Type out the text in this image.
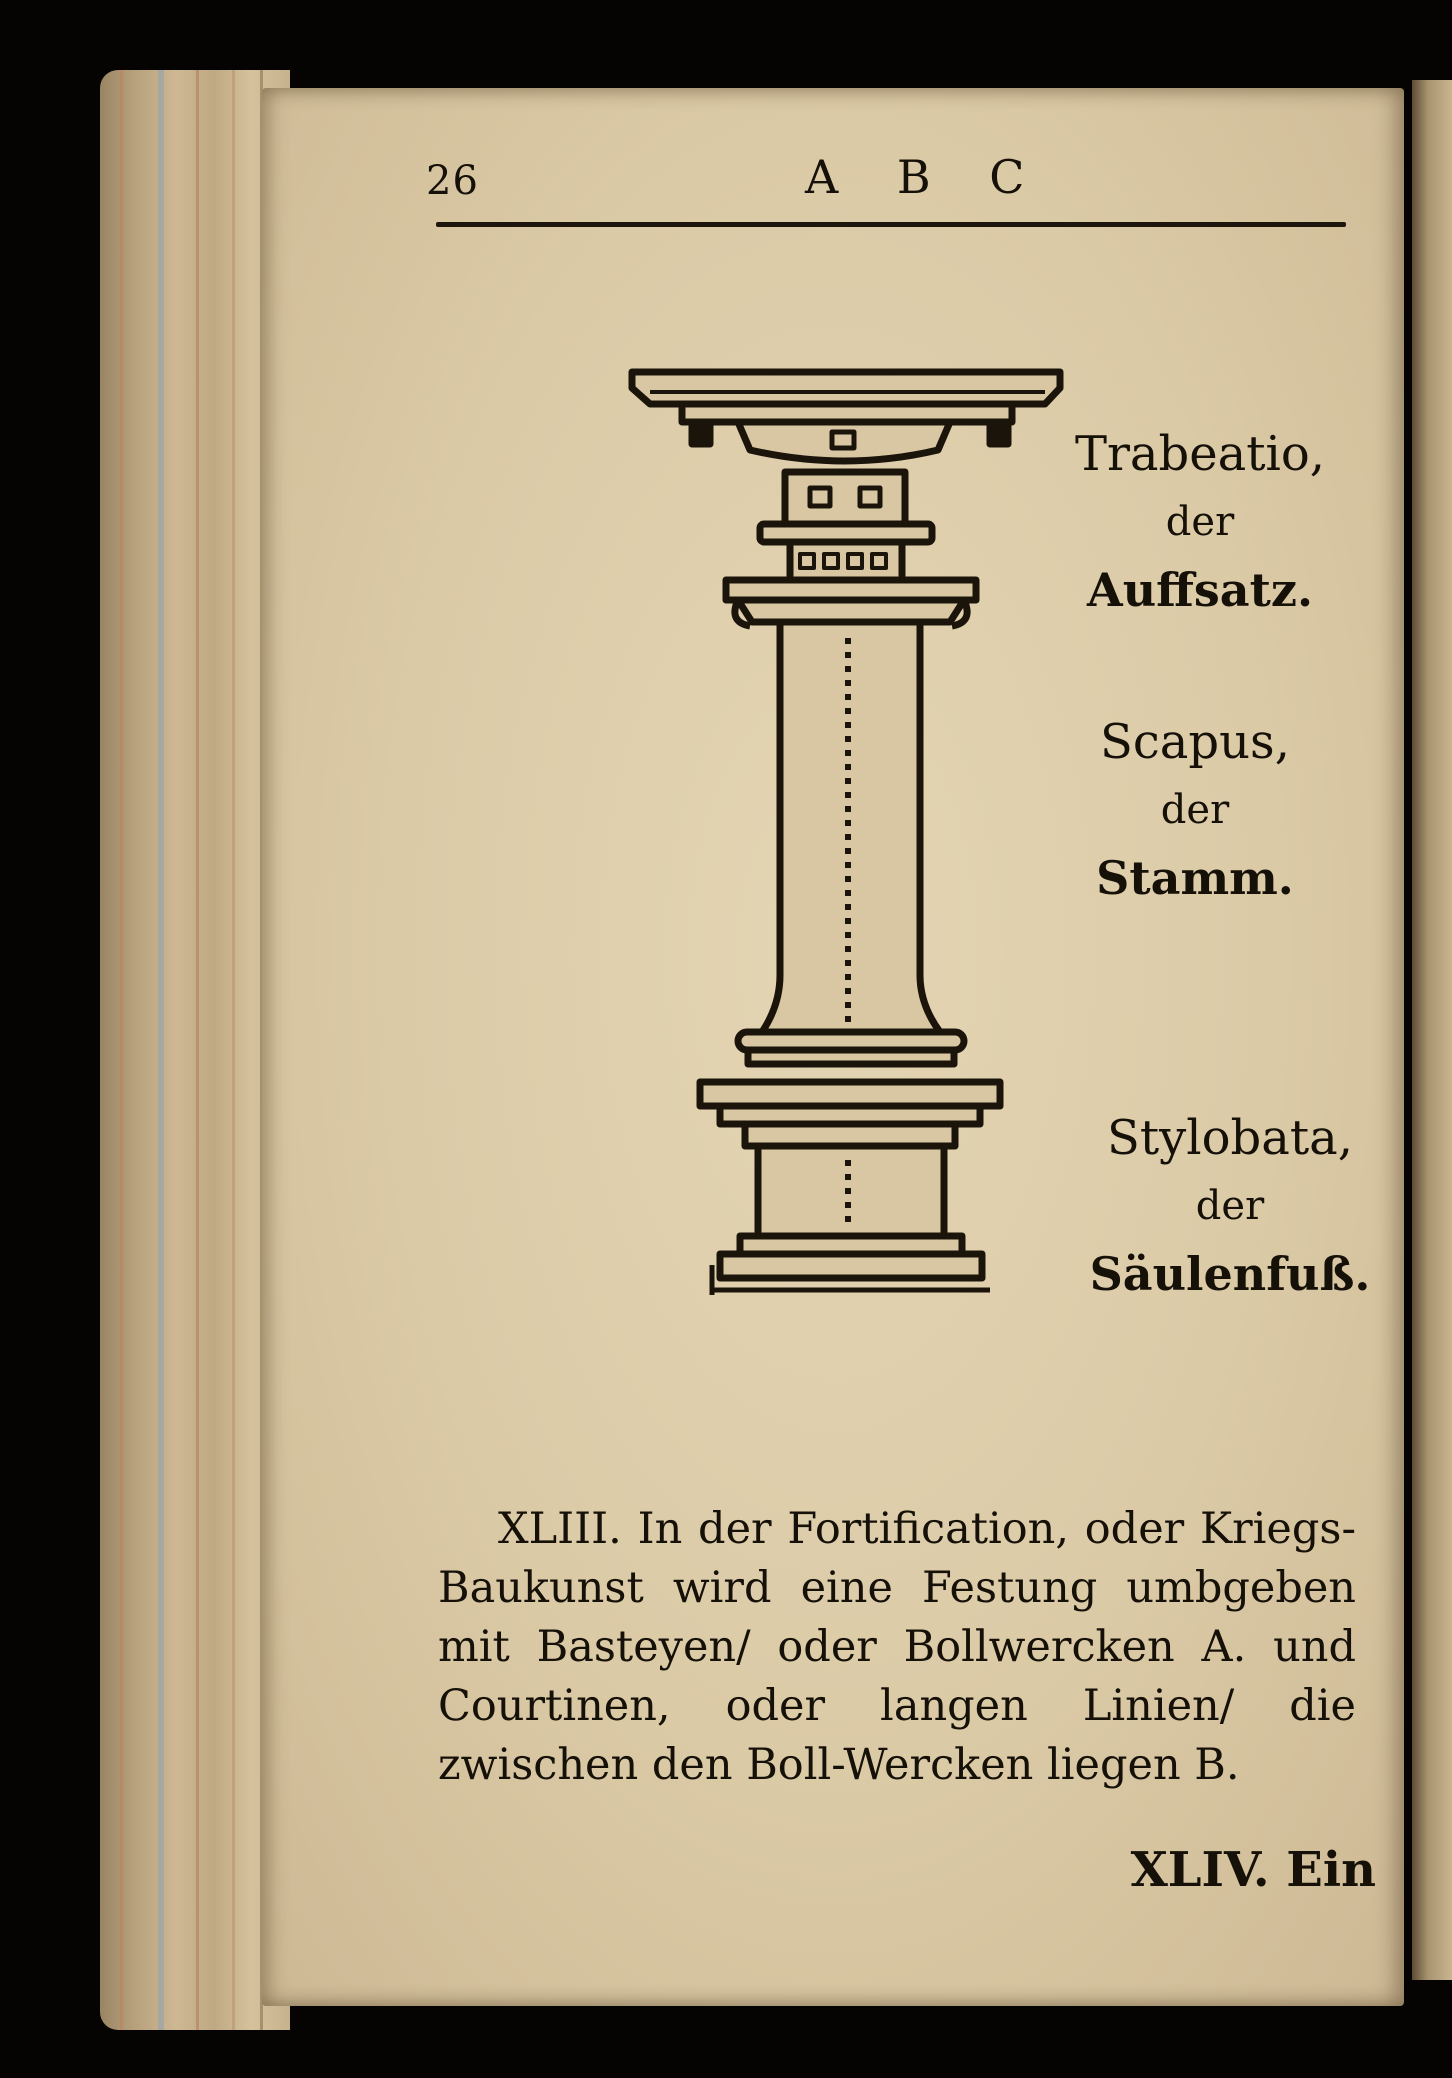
26	A B C
Trabeatio,
der
Auffsatz.
Scapus,
der
Stamm.
Stylobata,
der
Säulenfuß.
XLIII. In der Fortification, oder Kriegs-Baukunst wird eine Festung umbgeben mit Basteyen/ oder Bollwercken A. und Courtinen, oder langen Linien/ die zwischen den Boll-Wercken liegen B.
XLIV. Ein
